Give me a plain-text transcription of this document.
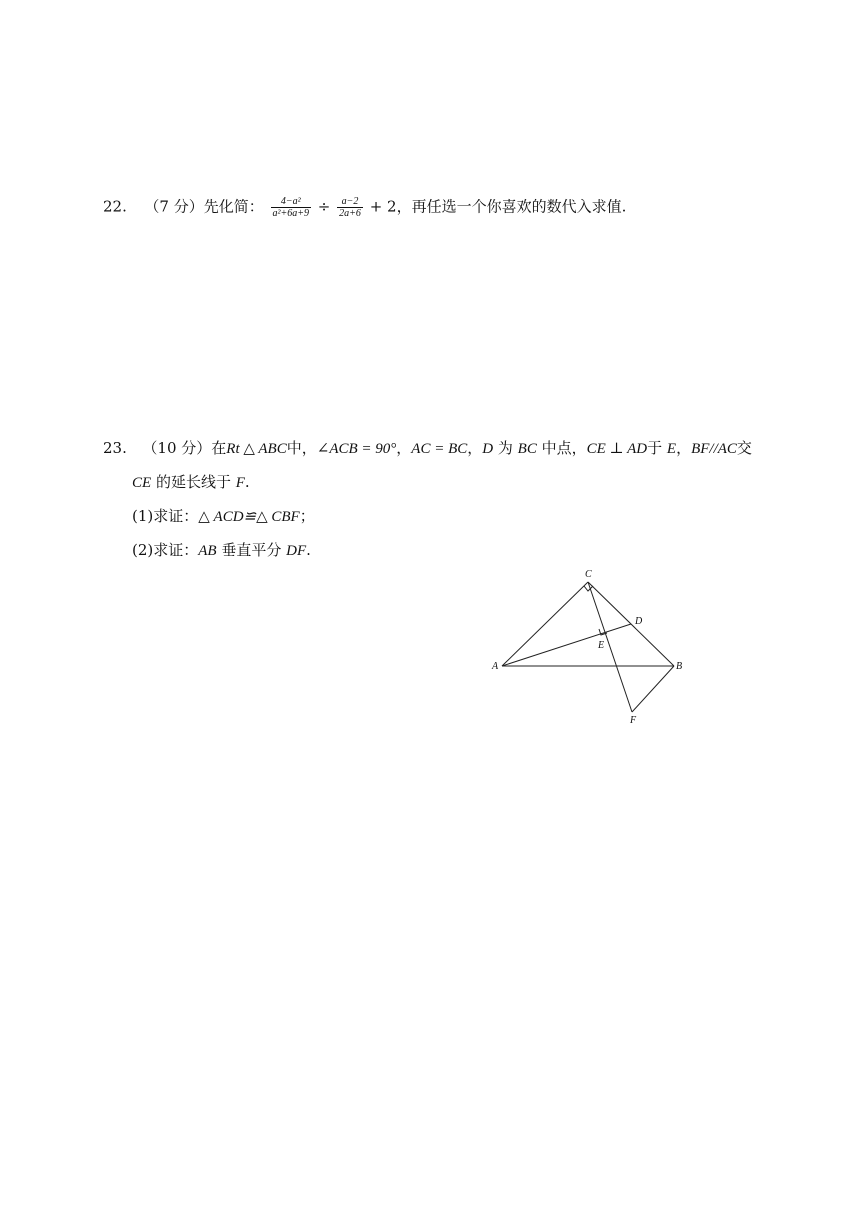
22. （7 分）先化简： $\frac{\text{4−a²}}{\text{a²+6a+9}} \div \frac{a-2}{2a+6} + 2$，再任选一个你喜欢的数代入求值.
23. （10 分）在Rt △ ABC中，∠ACB = 90°，AC = BC，D 为 BC 中点，CE ⊥ AD于 E，BF//AC交
CE 的延长线于 F.
(1)求证：△ ACD≌△ CBF；
(2)求证：AB 垂直平分 DF.
C
D
E
A	B
F
